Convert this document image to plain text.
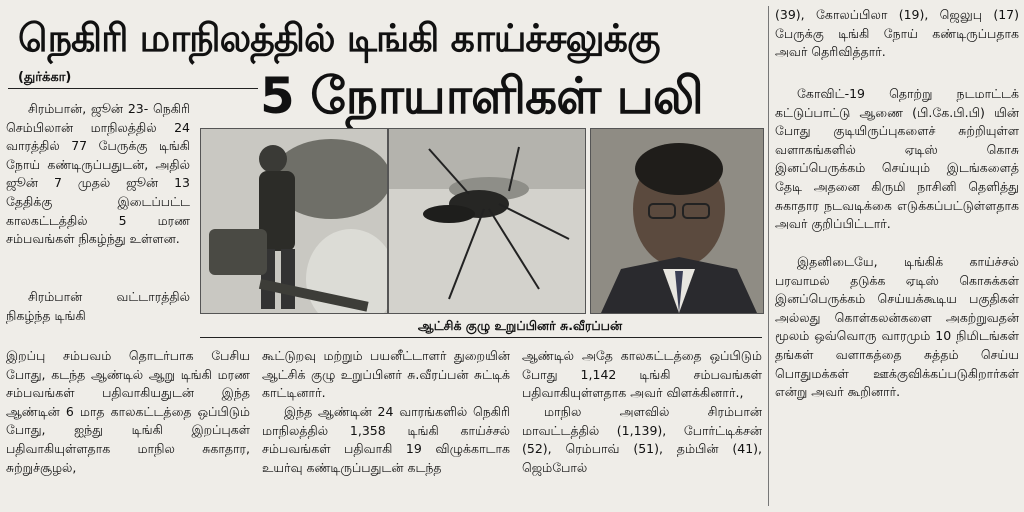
நெகிரி மாநிலத்தில் டிங்கி காய்ச்சலுக்கு
5 நோயாளிகள் பலி
(துர்க்கா)

சிரம்பான், ஜூன் 23- நெகிரி செம்பிலான் மாநிலத்தில் 24 வாரத்தில் 77 பேருக்கு டிங்கி நோய் கண்டிருப்பதுடன், அதில் ஜூன் 7 முதல் ஜூன் 13 தேதிக்கு இடைப்பட்ட காலகட்டத்தில் 5 மரண சம்பவங்கள் நிகழ்ந்து உள்ளன.

சிரம்பான் வட்டாரத்தில் நிகழ்ந்த டிங்கி

ஆட்சிக் குழு உறுப்பினர் சு.வீரப்பன்

இறப்பு சம்பவம் தொடர்பாக பேசிய போது, கடந்த ஆண்டில் ஆறு டிங்கி மரண சம்பவங்கள் பதிவாகியதுடன் இந்த ஆண்டின் 6 மாத காலகட்டத்தை ஒப்பிடும் போது, ஐந்து டிங்கி இறப்புகள் பதிவாகியுள்ளதாக மாநில சுகாதார, சுற்றுச்சூழல்,

கூட்டுறவு மற்றும் பயனீட்டாளர் துறையின் ஆட்சிக் குழு உறுப்பினர் சு.வீரப்பன் சுட்டிக் காட்டினார்.

இந்த ஆண்டின் 24 வாரங்களில் நெகிரி மாநிலத்தில் 1,358 டிங்கி காய்ச்சல் சம்பவங்கள் பதிவாகி 19 விழுக்காடாக உயர்வு கண்டிருப்பதுடன் கடந்த

ஆண்டில் அதே காலகட்டத்தை ஒப்பிடும் போது 1,142 டிங்கி சம்பவங்கள் பதிவாகியுள்ளதாக அவர் விளக்கினார்.,

மாநில அளவில் சிரம்பான் மாவட்டத்தில் (1,139), போர்ட்டிக்சன் (52), ரெம்பாவ் (51), தம்பின் (41), ஜெம்போல்

(39), கோலப்பிலா (19), ஜெலுபு (17) பேருக்கு டிங்கி நோய் கண்டிருப்பதாக அவர் தெரிவித்தார்.

கோவிட்-19 தொற்று நடமாட்டக் கட்டுப்பாட்டு ஆணை (பி.கே.பி.பி) யின் போது குடியிருப்புகளைச் சுற்றியுள்ள வளாகங்களில் ஏடிஸ் கொசு இனப்பெருக்கம் செய்யும் இடங்களைத் தேடி அதனை கிருமி நாசினி தெளித்து சுகாதார நடவடிக்கை எடுக்கப்பட்டுள்ளதாக அவர் குறிப்பிட்டார்.

இதனிடையே, டிங்கிக் காய்ச்சல் பரவாமல் தடுக்க ஏடிஸ் கொசுக்கள் இனப்பெருக்கம் செய்யக்கூடிய பகுதிகள் அல்லது கொள்கலன்களை அகற்றுவதன் மூலம் ஒவ்வொரு வாரமும் 10 நிமிடங்கள் தங்கள் வளாகத்தை சுத்தம் செய்ய பொதுமக்கள் ஊக்குவிக்கப்படுகிறார்கள் என்று அவர் கூறினார்.
